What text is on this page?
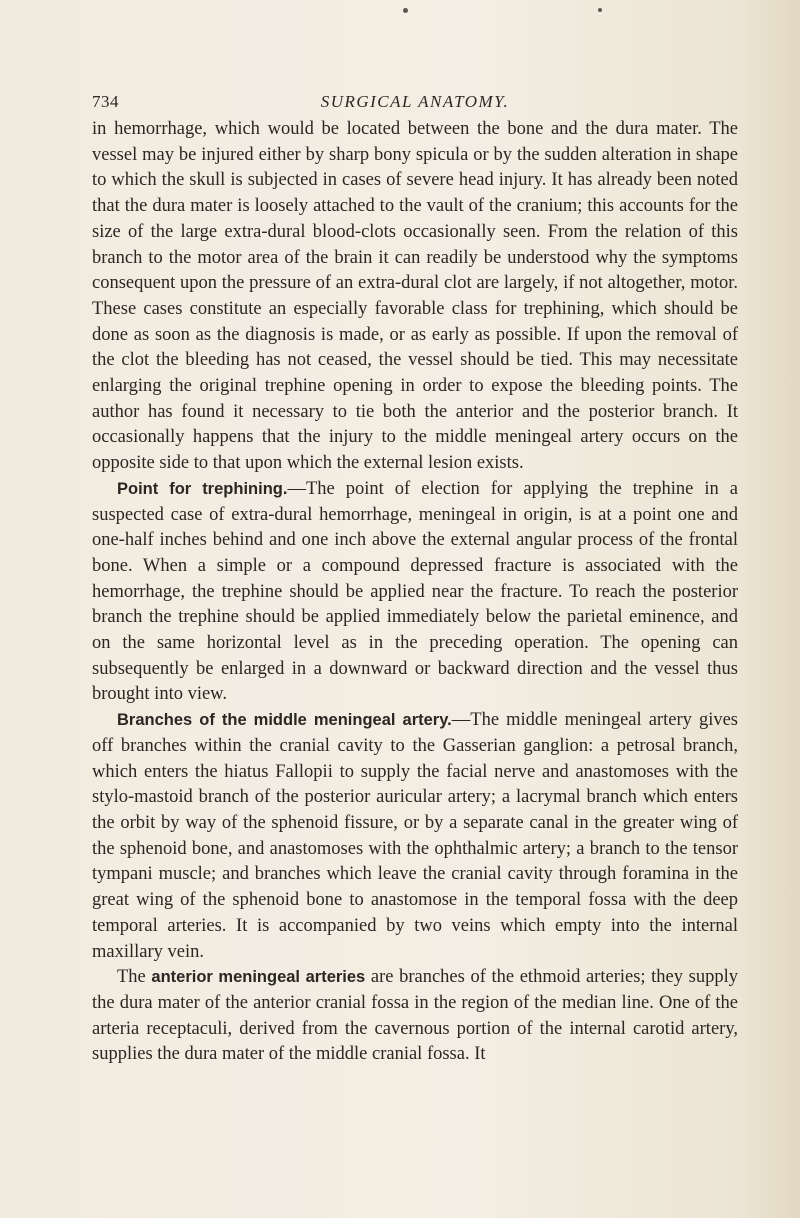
734	SURGICAL ANATOMY.

in hemorrhage, which would be located between the bone and the dura mater. The vessel may be injured either by sharp bony spicula or by the sudden alteration in shape to which the skull is subjected in cases of severe head injury. It has already been noted that the dura mater is loosely attached to the vault of the cranium; this accounts for the size of the large extra-dural blood-clots occasionally seen. From the relation of this branch to the motor area of the brain it can readily be understood why the symptoms consequent upon the pressure of an extra-dural clot are largely, if not altogether, motor. These cases constitute an especially favorable class for trephining, which should be done as soon as the diagnosis is made, or as early as possible. If upon the removal of the clot the bleeding has not ceased, the vessel should be tied. This may necessitate enlarging the original trephine opening in order to expose the bleeding points. The author has found it necessary to tie both the anterior and the posterior branch. It occasionally happens that the injury to the middle meningeal artery occurs on the opposite side to that upon which the external lesion exists.

Point for trephining.—The point of election for applying the trephine in a suspected case of extra-dural hemorrhage, meningeal in origin, is at a point one and one-half inches behind and one inch above the external angular process of the frontal bone. When a simple or a compound depressed fracture is associated with the hemorrhage, the trephine should be applied near the fracture. To reach the posterior branch the trephine should be applied immediately below the parietal eminence, and on the same horizontal level as in the preceding operation. The opening can subsequently be enlarged in a downward or backward direction and the vessel thus brought into view.

Branches of the middle meningeal artery.—The middle meningeal artery gives off branches within the cranial cavity to the Gasserian ganglion: a petrosal branch, which enters the hiatus Fallopii to supply the facial nerve and anastomoses with the stylo-mastoid branch of the posterior auricular artery; a lacrymal branch which enters the orbit by way of the sphenoid fissure, or by a separate canal in the greater wing of the sphenoid bone, and anastomoses with the ophthalmic artery; a branch to the tensor tympani muscle; and branches which leave the cranial cavity through foramina in the great wing of the sphenoid bone to anastomose in the temporal fossa with the deep temporal arteries. It is accompanied by two veins which empty into the internal maxillary vein.

The anterior meningeal arteries are branches of the ethmoid arteries; they supply the dura mater of the anterior cranial fossa in the region of the median line. One of the arteria receptaculi, derived from the cavernous portion of the internal carotid artery, supplies the dura mater of the middle cranial fossa. It
